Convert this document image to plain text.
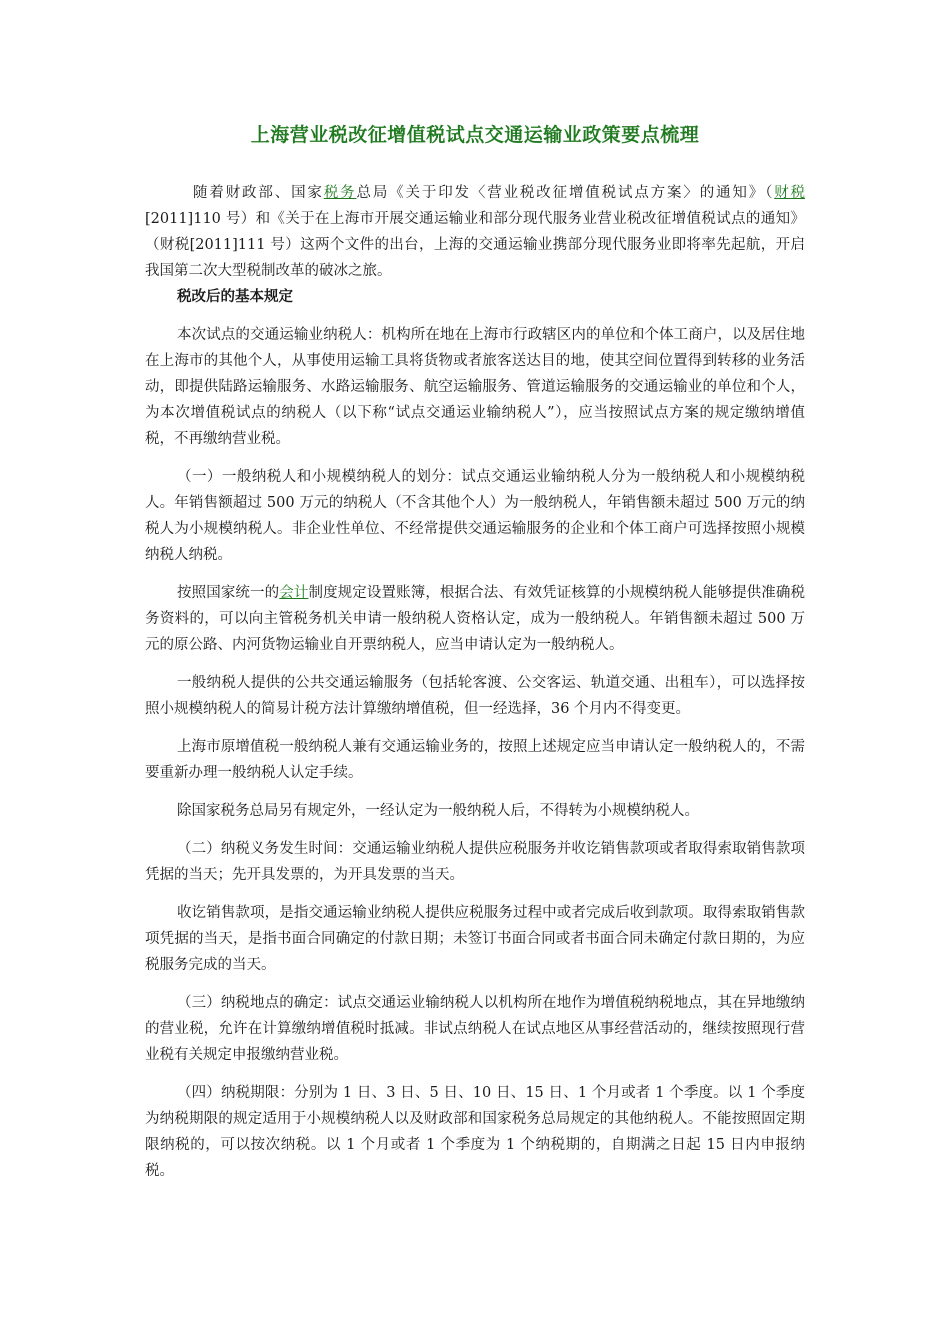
上海营业税改征增值税试点交通运输业政策要点梳理

随着财政部、国家税务总局《关于印发〈营业税改征增值税试点方案〉的通知》（财税[2011]110 号）和《关于在上海市开展交通运输业和部分现代服务业营业税改征增值税试点的通知》（财税[2011]111 号）这两个文件的出台，上海的交通运输业携部分现代服务业即将率先起航，开启我国第二次大型税制改革的破冰之旅。

税改后的基本规定

本次试点的交通运输业纳税人：机构所在地在上海市行政辖区内的单位和个体工商户，以及居住地在上海市的其他个人，从事使用运输工具将货物或者旅客送达目的地，使其空间位置得到转移的业务活动，即提供陆路运输服务、水路运输服务、航空运输服务、管道运输服务的交通运输业的单位和个人，为本次增值税试点的纳税人（以下称“试点交通运业输纳税人”），应当按照试点方案的规定缴纳增值税，不再缴纳营业税。

（一）一般纳税人和小规模纳税人的划分：试点交通运业输纳税人分为一般纳税人和小规模纳税人。年销售额超过 500 万元的纳税人（不含其他个人）为一般纳税人，年销售额未超过 500 万元的纳税人为小规模纳税人。非企业性单位、不经常提供交通运输服务的企业和个体工商户可选择按照小规模纳税人纳税。

按照国家统一的会计制度规定设置账簿，根据合法、有效凭证核算的小规模纳税人能够提供准确税务资料的，可以向主管税务机关申请一般纳税人资格认定，成为一般纳税人。年销售额未超过 500 万元的原公路、内河货物运输业自开票纳税人，应当申请认定为一般纳税人。

一般纳税人提供的公共交通运输服务（包括轮客渡、公交客运、轨道交通、出租车），可以选择按照小规模纳税人的简易计税方法计算缴纳增值税，但一经选择，36 个月内不得变更。

上海市原增值税一般纳税人兼有交通运输业务的，按照上述规定应当申请认定一般纳税人的，不需要重新办理一般纳税人认定手续。

除国家税务总局另有规定外，一经认定为一般纳税人后，不得转为小规模纳税人。

（二）纳税义务发生时间：交通运输业纳税人提供应税服务并收讫销售款项或者取得索取销售款项凭据的当天；先开具发票的，为开具发票的当天。

收讫销售款项，是指交通运输业纳税人提供应税服务过程中或者完成后收到款项。取得索取销售款项凭据的当天，是指书面合同确定的付款日期；未签订书面合同或者书面合同未确定付款日期的，为应税服务完成的当天。

（三）纳税地点的确定：试点交通运业输纳税人以机构所在地作为增值税纳税地点，其在异地缴纳的营业税，允许在计算缴纳增值税时抵减。非试点纳税人在试点地区从事经营活动的，继续按照现行营业税有关规定申报缴纳营业税。

（四）纳税期限：分别为 1 日、3 日、5 日、10 日、15 日、1 个月或者 1 个季度。以 1 个季度为纳税期限的规定适用于小规模纳税人以及财政部和国家税务总局规定的其他纳税人。不能按照固定期限纳税的，可以按次纳税。以 1 个月或者 1 个季度为 1 个纳税期的，自期满之日起 15 日内申报纳税。
